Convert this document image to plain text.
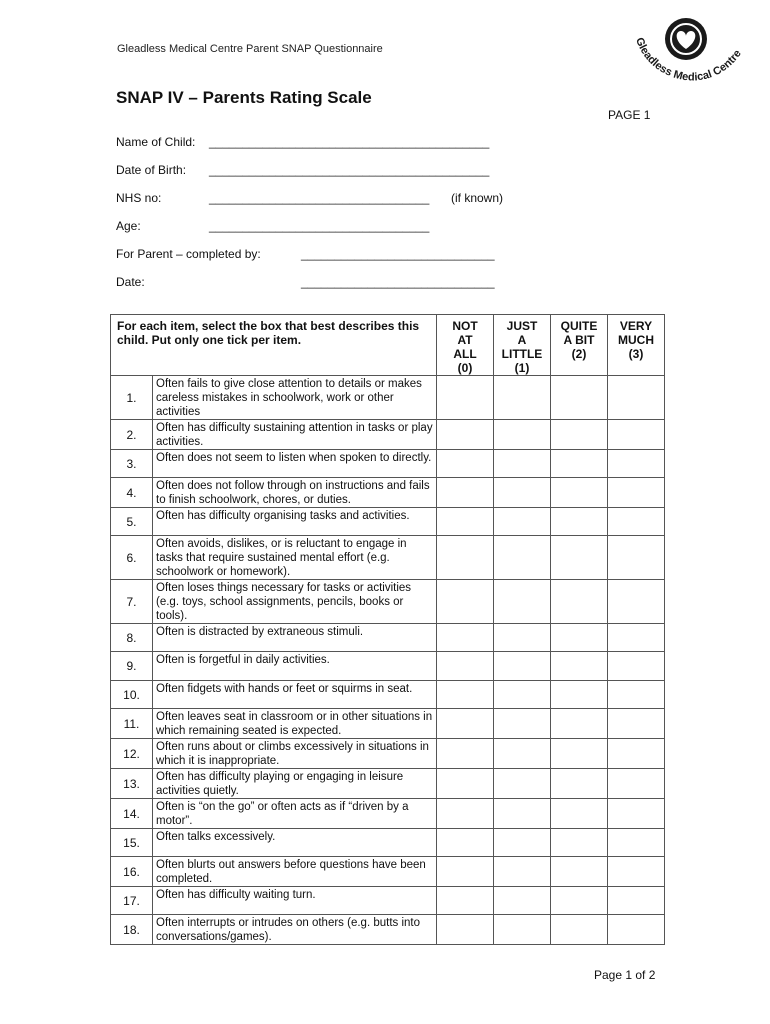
Gleadless Medical Centre Parent SNAP Questionnaire
Gleadless Medical Centre
SNAP IV – Parents Rating Scale
PAGE 1
Name of Child: __________________________________________
Date of Birth: __________________________________________
NHS no:	_________________________________ (if known)
Age:	_________________________________
For Parent – completed by:	_____________________________
Date:	_____________________________
For each item, select the box that best describes this child. Put only one tick per item.		NOT
AT
ALL
(0)	JUST
A
LITTLE
(1)	QUITE
A BIT
(2)	VERY
MUCH
(3)
1.	Often fails to give close attention to details or makes careless mistakes in schoolwork, work or other activities				
2.	Often has difficulty sustaining attention in tasks or play activities.				
3.	Often does not seem to listen when spoken to directly.				
4.	Often does not follow through on instructions and fails to finish schoolwork, chores, or duties.				
5.	Often has difficulty organising tasks and activities.				
6.	Often avoids, dislikes, or is reluctant to engage in tasks that require sustained mental effort (e.g. schoolwork or homework).				
7.	Often loses things necessary for tasks or activities (e.g. toys, school assignments, pencils, books or tools).				
8.	Often is distracted by extraneous stimuli.				
9.	Often is forgetful in daily activities.				
10.	Often fidgets with hands or feet or squirms in seat.				
11.	Often leaves seat in classroom or in other situations in which remaining seated is expected.				
12.	Often runs about or climbs excessively in situations in which it is inappropriate.				
13.	Often has difficulty playing or engaging in leisure activities quietly.				
14.	Often is “on the go” or often acts as if “driven by a motor”.				
15.	Often talks excessively.				
16.	Often blurts out answers before questions have been completed.				
17.	Often has difficulty waiting turn.				
18.	Often interrupts or intrudes on others (e.g. butts into conversations/games).				
Page 1 of 2
